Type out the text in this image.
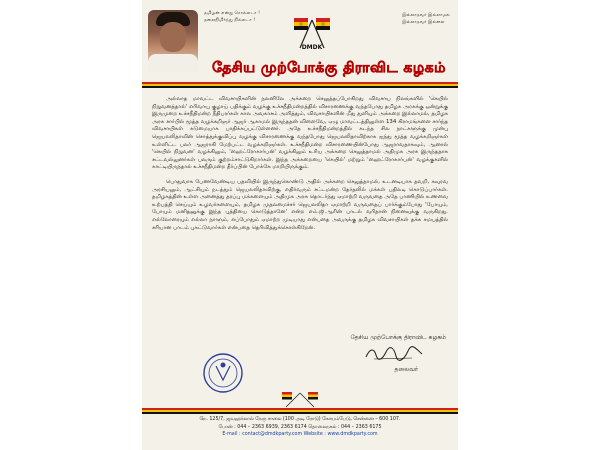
தமிழன் என்று சொல்லடா !
தலைநிமிர்ந்து நில்லடா !
DMDK
இல்லாதவர் இல்லாமல்
இல்லாதவர் இல்லை
தேசிய முற்போக்கு திராவிட கழகம்

அல்லாத மாவட்ட விவசாயிகளின் நலனிலே அக்கறை செலுத்தப்போகிறது விவசாய நிலங்களில் 'கெயில் நிறுவனத்தால்' எரிவாயு குழாய் பதிக்கும் வழக்கு உச்சநீதிமன்றத்தில் விசாரணைக்கு வந்தபோது தமிழக அரசுக்கு ஒன்றுக்கு இருமுறை உச்சநீதிமன்ற நீதிபரர்கள் கால அவகாசம் அளித்தும், விவசாயிகளின் மீது துளியும் அக்கறை இல்லாமல், தமிழக அரசு சார்பில் மூத்த வழக்கறிஞர் ஆஜர் ஆகாமல் இருந்ததன் விளைவே, ஏழு மாவட்டத்திலுள்ள 134 கிராமங்களை சார்ந்த விவசாயிகள் கடுமையாக பாதிக்கப்பட்டுள்ளனர். அதே உச்சநீதிமன்றத்தில் கடந்த சில நாட்களுக்கு முன்பு ஜெயலலிதாவின் சொத்துக்குவிப்பு வழக்கு விசாரணைக்கு வந்தபோது ஜெயலலிதாவிற்காக ஐந்து மூத்த வழக்கறிஞர்கள் உள்ளிட்ட பலர் ஆஜராகி மேற்பட்ட வழக்கறிஞர்கள். உச்சநீதிமன்ற விசாரணையின்போது ஆஜராவதாகவும், ஆனால் 'கெயில் நிறுவன' வழக்கிலும், 'ஹைட்ரோகார்பன்' வழக்கிலும் உரிய அக்கறை செலுத்தாமல் அதிமுக அரசு இருந்ததாக சட்டவல்லுனர்கள் பலரும் குற்றம்சாட்டுகிறார்கள். இந்த அக்கறையை 'கெயில்' மற்றும் 'ஹைட்ரோகார்பன்' வழக்குகளில் காட்டியிருந்தால் உச்சநீதிமன்ற தீர்ப்பின் போக்கே மாறியிருக்கும்.

பொதுவாக பேணவேண்டிய பதவியில் இருந்துகொண்டு அதில் அக்கறை செலுத்தாமல், உடனடியாக தவறி, கவுரவ அரசியலும், ஆட்சியும் நடத்தும் ஜெயலலிதாவிற்கு, எதிர்வரும் சட்டமன்ற தேர்தலில் மக்கள் பதிலடி கொடுப்பார்கள். தமிழகத்தின் உள்ள அனைத்து தரப்பு மக்களையும் அதிமுக அரசு தொடர்ந்து ஏமாற்றி வருவதை அதே பாணியில் உணவை உற்பத்தி செய்யும் உழவர்களையும், தமிழக முதலமைச்சர் ஜெயலலிதா ஏமாற்றி வருவதைப் பார்க்கும்போது 'போயும், போயும் மனிதனுக்கு இந்த புத்தியை கொடுத்தானே' என்ற எம்.ஜி.ஆரின் பாடல் வரிதான் நினைவுக்கு வருகிறது. எல்லோரையும் எல்லா நாளும், எப்போதும் ஏமாற்ற முடியாது என்பதை அவருக்கு தமிழக விவசாயிகள் தக்க சமயத்தில் சரியான பாடம் புகட்டுவார்கள் என்பதை தெரிவித்துக்கொள்கிறேன்.

தேசிய முற்போக்கு திராவிட கழகம்
தலைவர்
நெ. 125/7, ஜவஹர்லால் நேரு சாலை (100 அடி ரோடு) கோயம்பேடு, சென்னை – 600 107.
போன் : 044 – 2363 6939, 2363 6174 தொலைநகல் : 044 – 2363 6175
E-mail : contact@dmdkparty.com Website : www.dmdkparty.com
